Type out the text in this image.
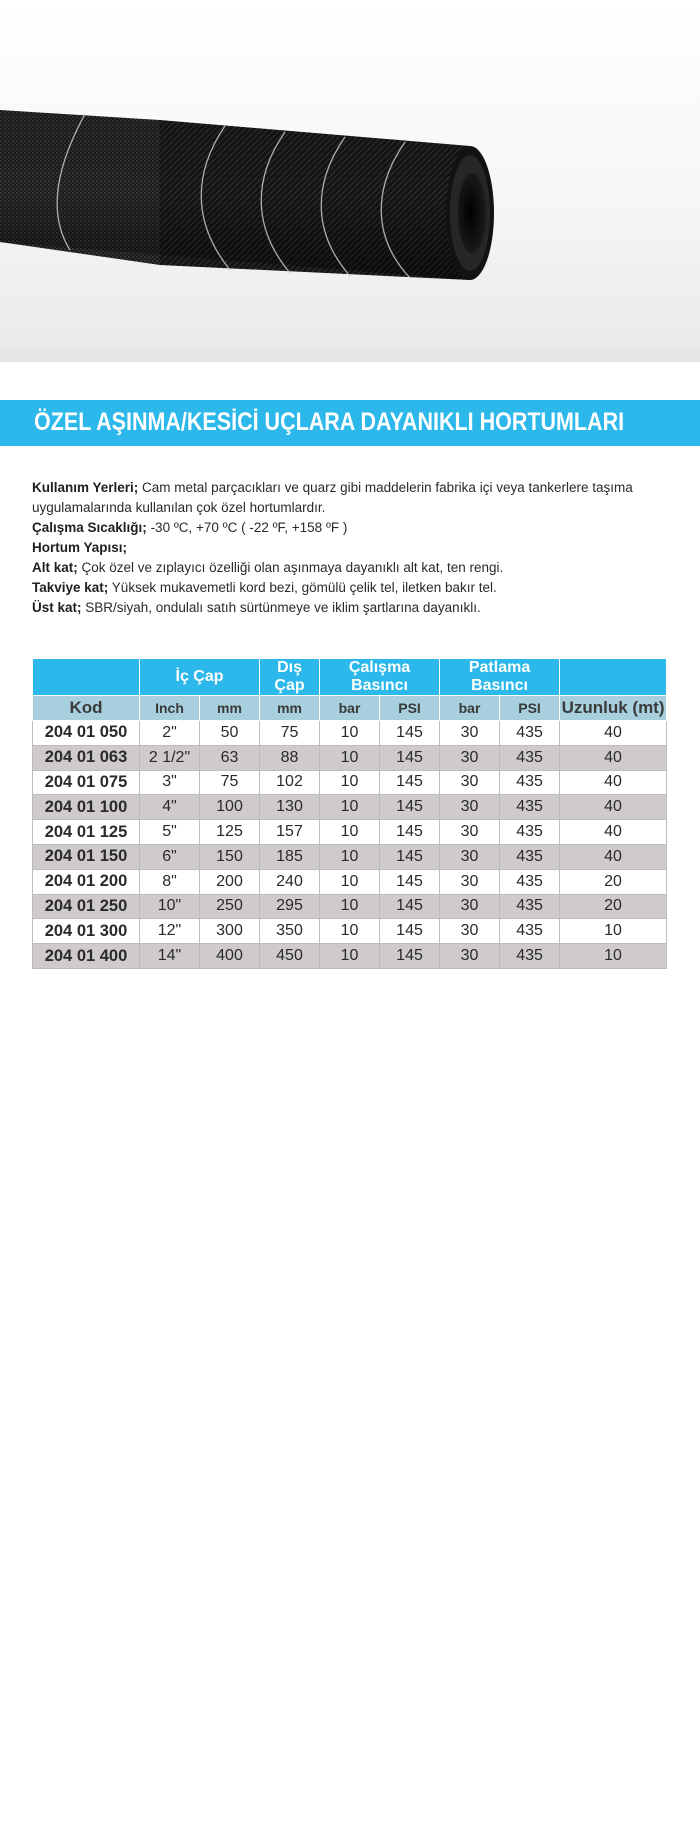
ÖZEL AŞINMA/KESİCİ UÇLARA DAYANIKLI HORTUMLARI

Kullanım Yerleri; Cam metal parçacıkları ve quarz gibi maddelerin fabrika içi veya tankerlere taşıma uygulamalarında kullanılan çok özel hortumlardır.

Çalışma Sıcaklığı; -30 ºC, +70 ºC ( -22 ºF, +158 ºF )

Hortum Yapısı;

Alt kat; Çok özel ve zıplayıcı özelliği olan aşınmaya dayanıklı alt kat, ten rengi.

Takviye kat; Yüksek mukavemetli kord bezi, gömülü çelik tel, iletken bakır tel.

Üst kat; SBR/siyah, ondulalı satıh sürtünmeye ve iklim şartlarına dayanıklı.

	İç Çap		Dış Çap	Çalışma Basıncı		Patlama Basıncı		
Kod	Inch	mm	mm	bar	PSI	bar	PSI	Uzunluk (mt)
204 01 050	2"	50	75	10	145	30	435	40
204 01 063	2 1/2"	63	88	10	145	30	435	40
204 01 075	3"	75	102	10	145	30	435	40
204 01 100	4"	100	130	10	145	30	435	40
204 01 125	5"	125	157	10	145	30	435	40
204 01 150	6"	150	185	10	145	30	435	40
204 01 200	8"	200	240	10	145	30	435	20
204 01 250	10"	250	295	10	145	30	435	20
204 01 300	12"	300	350	10	145	30	435	10
204 01 400	14"	400	450	10	145	30	435	10
